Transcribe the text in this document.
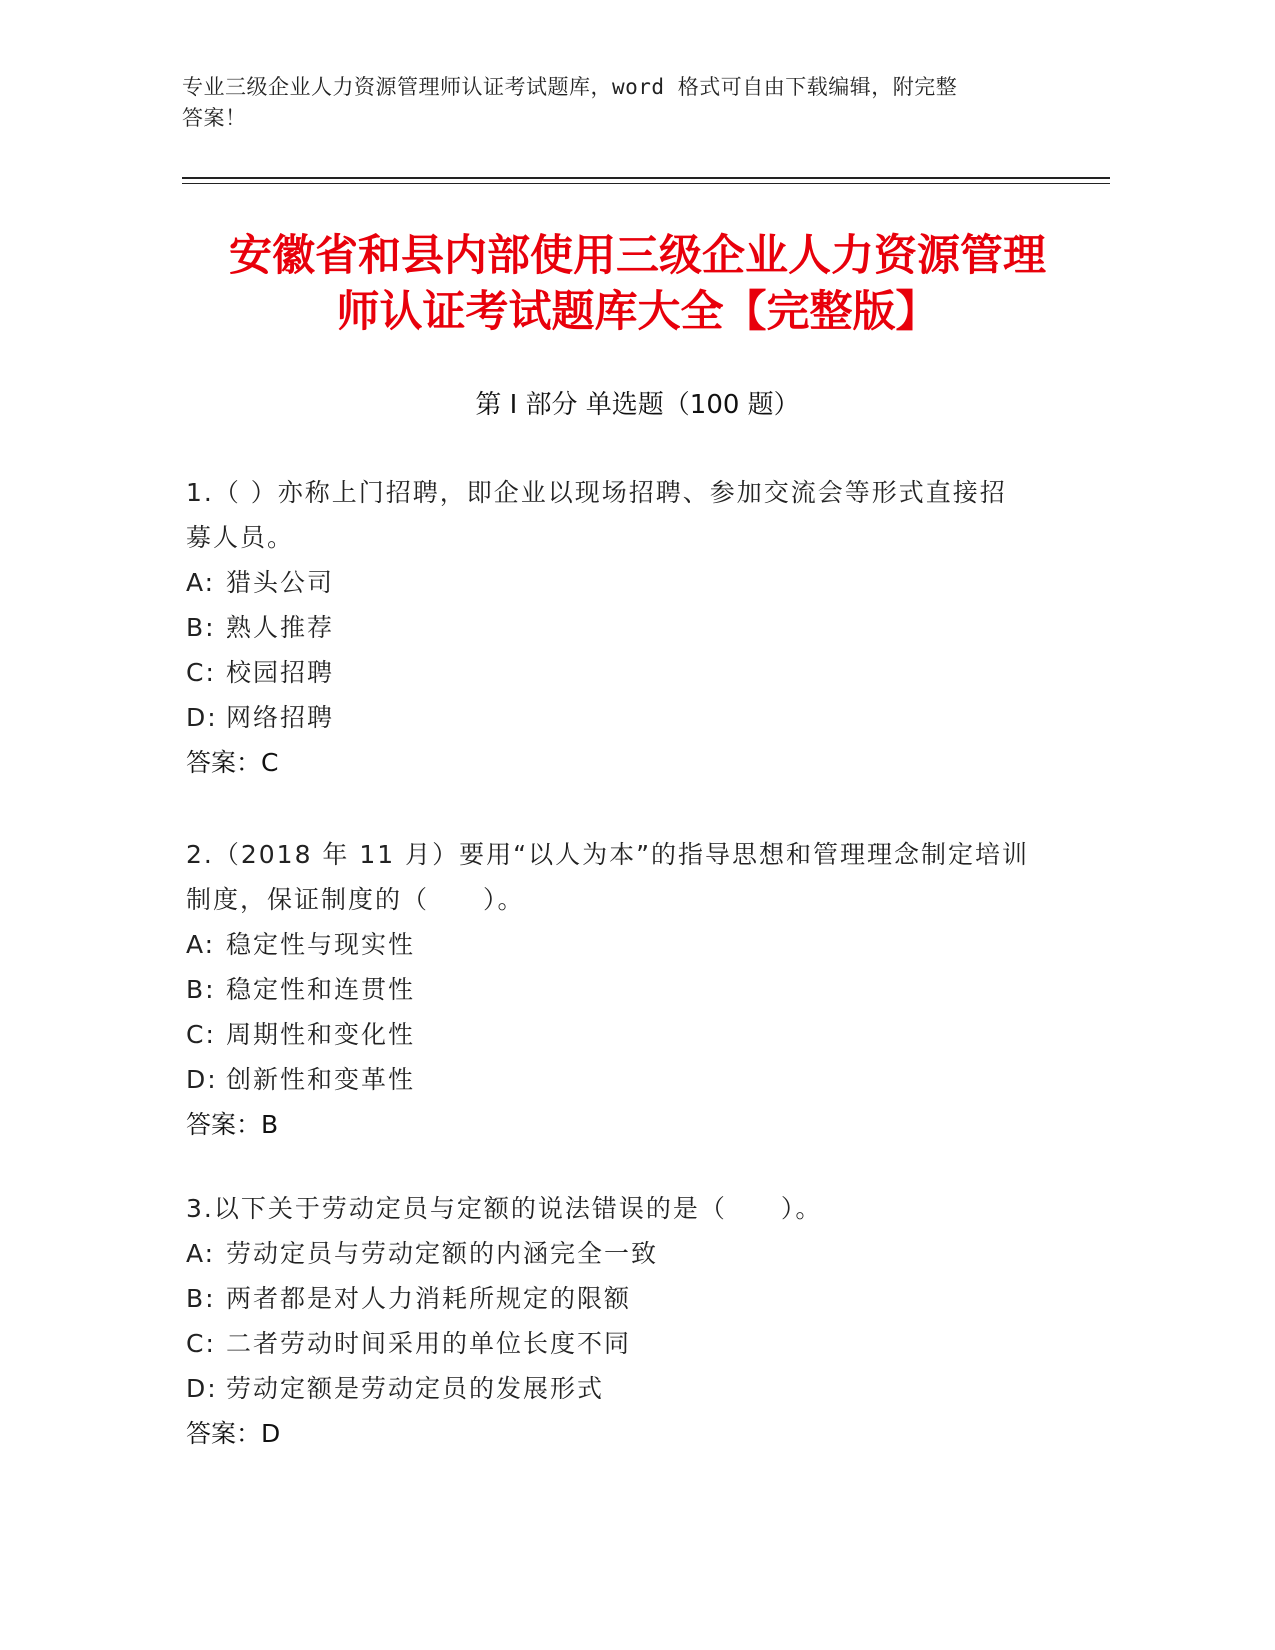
专业三级企业人力资源管理师认证考试题库，word 格式可自由下载编辑，附完整
答案！
安徽省和县内部使用三级企业人力资源管理
师认证考试题库大全【完整版】
第 I 部分 单选题（100 题）

1.（ ）亦称上门招聘，即企业以现场招聘、参加交流会等形式直接招

募人员。

A: 猎头公司

B: 熟人推荐

C: 校园招聘

D: 网络招聘

答案：C

2.（2018 年 11 月）要用“以人为本”的指导思想和管理理念制定培训

制度，保证制度的（　　）。

A: 稳定性与现实性

B: 稳定性和连贯性

C: 周期性和变化性

D: 创新性和变革性

答案：B

3.以下关于劳动定员与定额的说法错误的是（　　）。

A: 劳动定员与劳动定额的内涵完全一致

B: 两者都是对人力消耗所规定的限额

C: 二者劳动时间采用的单位长度不同

D: 劳动定额是劳动定员的发展形式

答案：D
